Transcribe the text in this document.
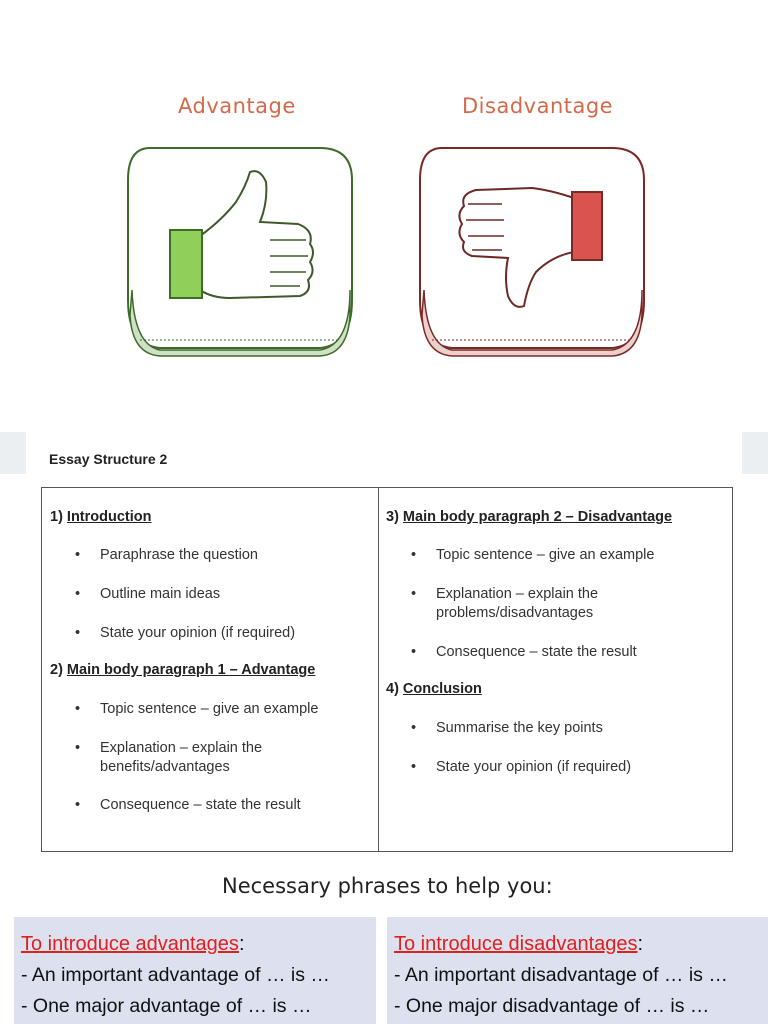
Advantage	Disadvantage
Essay Structure 2
1) Introduction
• Paraphrase the question
• Outline main ideas
• State your opinion (if required)
2) Main body paragraph 1 – Advantage
• Topic sentence – give an example
• Explanation – explain the
benefits/advantages
• Consequence – state the result
3) Main body paragraph 2 – Disadvantage
• Topic sentence – give an example
• Explanation – explain the
problems/disadvantages
• Consequence – state the result
4) Conclusion
• Summarise the key points
• State your opinion (if required)
Necessary phrases to help you:
To introduce advantages:
- An important advantage of … is …
- One major advantage of … is …
To introduce disadvantages:
- An important disadvantage of … is …
- One major disadvantage of … is …
